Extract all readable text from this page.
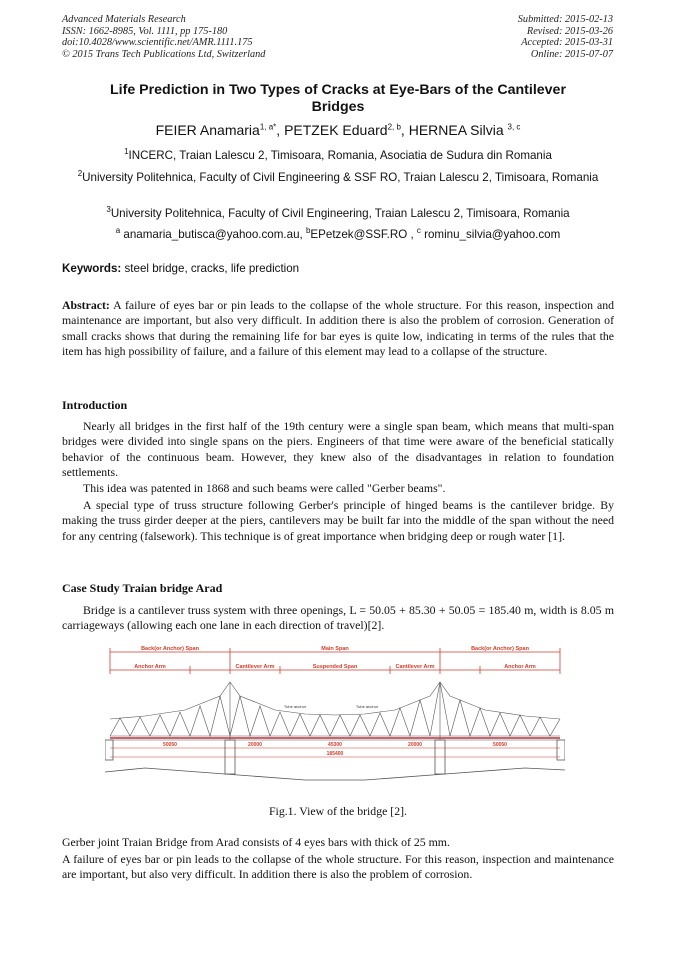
Advanced Materials Research
ISSN: 1662-8985, Vol. 1111, pp 175-180
doi:10.4028/www.scientific.net/AMR.1111.175
© 2015 Trans Tech Publications Ltd, Switzerland
Submitted: 2015-02-13
Revised: 2015-03-26
Accepted: 2015-03-31
Online: 2015-07-07
Life Prediction in Two Types of Cracks at Eye-Bars of the Cantilever
Bridges
FEIER Anamaria$^{1, a*}$, PETZEK Eduard$^{2, b}$, HERNEA Silvia $^{3, c}$
$^1$INCERC, Traian Lalescu 2, Timisoara, Romania, Asociatia de Sudura din Romania
$^2$University Politehnica, Faculty of Civil Engineering & SSF RO, Traian Lalescu 2, Timisoara, Romania
$^3$University Politehnica, Faculty of Civil Engineering, Traian Lalescu 2, Timisoara, Romania
$^a$ anamaria_butisca@yahoo.com.au, $^b$EPetzek@SSF.RO , $^c$ rominu_silvia@yahoo.com
Keywords: steel bridge, cracks, life prediction
Abstract: A failure of eyes bar or pin leads to the collapse of the whole structure. For this reason, inspection and maintenance are important, but also very difficult. In addition there is also the problem of corrosion. Generation of small cracks shows that during the remaining life for bar eyes is quite low, indicating in terms of the rules that the item has high possibility of failure, and a failure of this element may lead to a collapse of the structure.
Introduction
Nearly all bridges in the first half of the 19th century were a single span beam, which means that multi-span bridges were divided into single spans on the piers. Engineers of that time were aware of the beneficial statically behavior of the continuous beam. However, they knew also of the disadvantages in relation to foundation settlements.
This idea was patented in 1868 and such beams were called "Gerber beams".
A special type of truss structure following Gerber's principle of hinged beams is the cantilever bridge. By making the truss girder deeper at the piers, cantilevers may be built far into the middle of the span without the need for any centring (falsework). This technique is of great importance when bridging deep or rough water [1].
Case Study Traian bridge Arad
Bridge is a cantilever truss system with three openings, L = 50.05 + 85.30 + 50.05 = 185.40 m, width is 8.05 m carriageways (allowing each one lane in each direction of travel)[2].
Back(or Anchor) Span	Main Span	Back(or Anchor) Span
Anchor Arm	Cantilever Arm	Suspended Span	Cantilever Arm	Anchor Arm
50050	20000	45300	20000	50050
185400
Tube anchor	Tube anchor
Fig.1. View of the bridge [2].
Gerber joint Traian Bridge from Arad consists of 4 eyes bars with thick of 25 mm.
A failure of eyes bar or pin leads to the collapse of the whole structure. For this reason, inspection and maintenance are important, but also very difficult. In addition there is also the problem of corrosion.
